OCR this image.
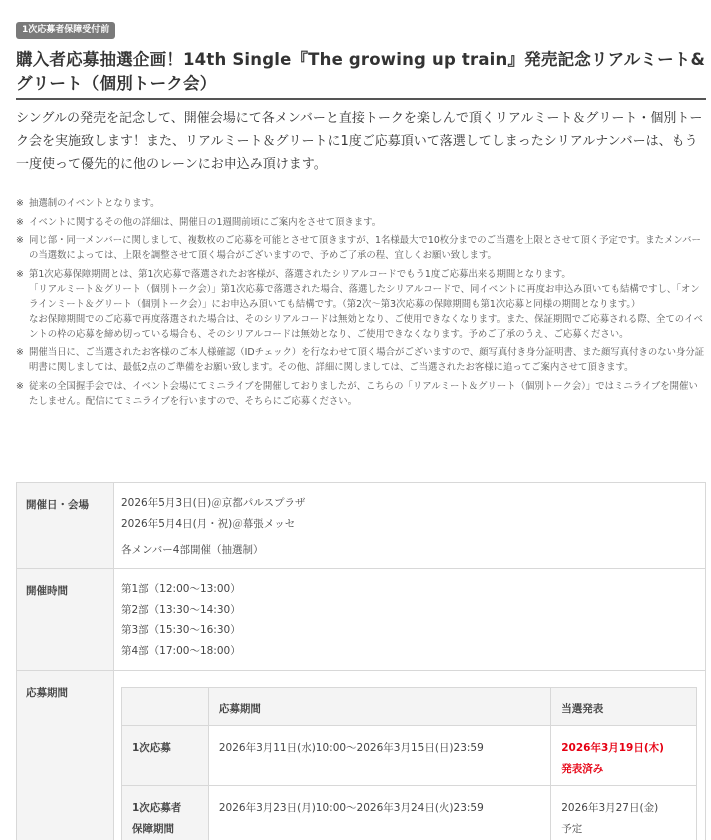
1次応募者保障受付前
購入者応募抽選企画！14th Single『The growing up train』発売記念リアルミート&グリート（個別トーク会）

シングルの発売を記念して、開催会場にて各メンバーと直接トークを楽しんで頂くリアルミート＆グリート・個別トーク会を実施致します！また、リアルミート＆グリートに1度ご応募頂いて落選してしまったシリアルナンバーは、もう一度使って優先的に他のレーンにお申込み頂けます。

※ 抽選制のイベントとなります。
※ イベントに関するその他の詳細は、開催日の1週間前頃にご案内をさせて頂きます。
※ 同じ部・同一メンバーに関しまして、複数枚のご応募を可能とさせて頂きますが、1名様最大で10枚分までのご当選を上限とさせて頂く予定です。またメンバーの当選数によっては、上限を調整させて頂く場合がございますので、予めご了承の程、宜しくお願い致します。
※ 第1次応募保障期間とは、第1次応募で落選されたお客様が、落選されたシリアルコードでもう1度ご応募出来る期間となります。
「リアルミート＆グリート（個別トーク会）」第1次応募で落選された場合、落選したシリアルコードで、同イベントに再度お申込み頂いても結構ですし、「オンラインミート＆グリート（個別トーク会）」にお申込み頂いても結構です。（第2次～第3次応募の保障期間も第1次応募と同様の期間となります。）
なお保障期間でのご応募で再度落選された場合は、そのシリアルコードは無効となり、ご使用できなくなります。また、保証期間でご応募される際、全てのイベントの枠の応募を締め切っている場合も、そのシリアルコードは無効となり、ご使用できなくなります。予めご了承のうえ、ご応募ください。
※ 開催当日に、ご当選されたお客様のご本人様確認（IDチェック）を行なわせて頂く場合がございますので、顔写真付き身分証明書、また顔写真付きのない身分証明書に関しましては、最低2点のご準備をお願い致します。その他、詳細に関しましては、ご当選されたお客様に追ってご案内させて頂きます。
※ 従来の全国握手会では、イベント会場にてミニライブを開催しておりましたが、こちらの「リアルミート＆グリート（個別トーク会）」ではミニライブを開催いたしません。配信にてミニライブを行いますので、そちらにご応募ください。
開催日・会場	2026年5月3日(日)＠京都パルスプラザ
2026年5月4日(月・祝)＠幕張メッセ
各メンバー4部開催（抽選制）

開催時間	第1部（12:00～13:00）
第2部（13:30～14:30）
第3部（15:30～16:30）
第4部（17:00～18:00）

応募期間	
	応募期間	当選発表
1次応募	2026年3月11日(水)10:00～2026年3月15日(日)23:59	2026年3月19日(木)
発表済み

1次応募者
保障期間
	2026年3月23日(月)10:00～2026年3月24日(火)23:59	2026年3月27日(金)
予定
